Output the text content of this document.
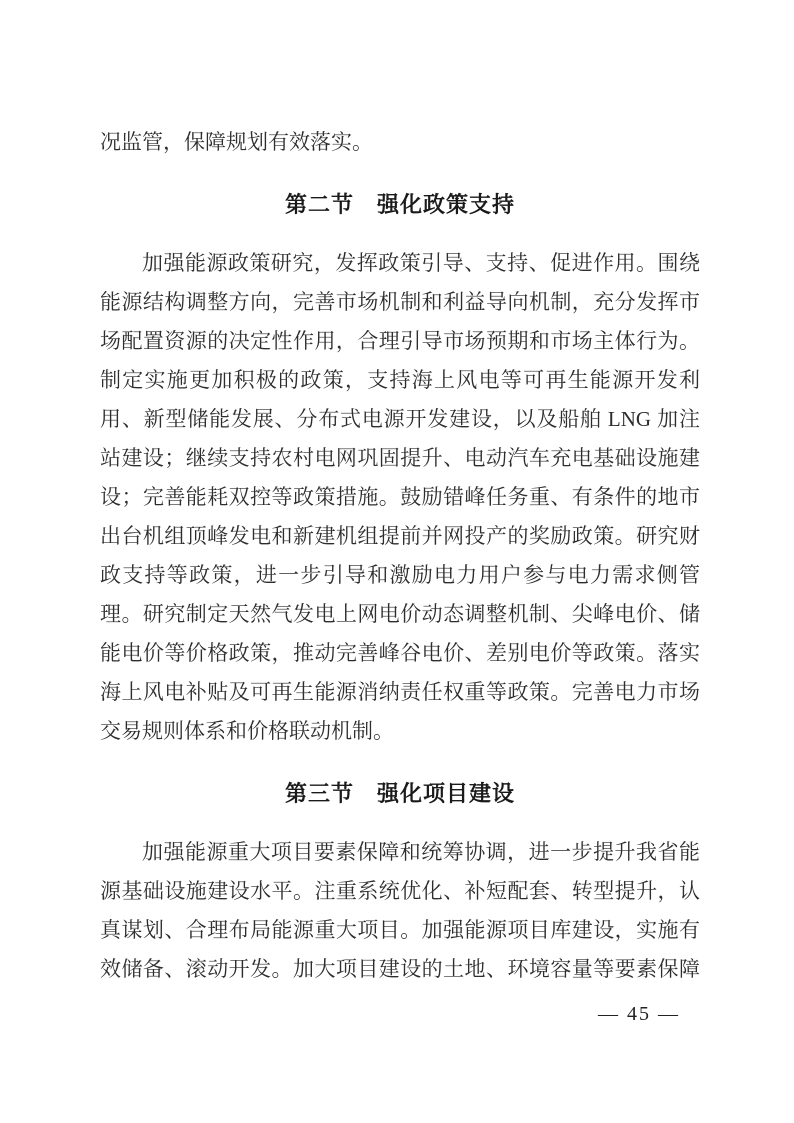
况监管，保障规划有效落实。
第二节　强化政策支持
加强能源政策研究，发挥政策引导、支持、促进作用。围绕
能源结构调整方向，完善市场机制和利益导向机制，充分发挥市
场配置资源的决定性作用，合理引导市场预期和市场主体行为。
制定实施更加积极的政策，支持海上风电等可再生能源开发利
用、新型储能发展、分布式电源开发建设，以及船舶 LNG 加注
站建设；继续支持农村电网巩固提升、电动汽车充电基础设施建
设；完善能耗双控等政策措施。鼓励错峰任务重、有条件的地市
出台机组顶峰发电和新建机组提前并网投产的奖励政策。研究财
政支持等政策，进一步引导和激励电力用户参与电力需求侧管
理。研究制定天然气发电上网电价动态调整机制、尖峰电价、储
能电价等价格政策，推动完善峰谷电价、差别电价等政策。落实
海上风电补贴及可再生能源消纳责任权重等政策。完善电力市场
交易规则体系和价格联动机制。
第三节　强化项目建设
加强能源重大项目要素保障和统筹协调，进一步提升我省能
源基础设施建设水平。注重系统优化、补短配套、转型提升，认
真谋划、合理布局能源重大项目。加强能源项目库建设，实施有
效储备、滚动开发。加大项目建设的土地、环境容量等要素保障
— 45 —
